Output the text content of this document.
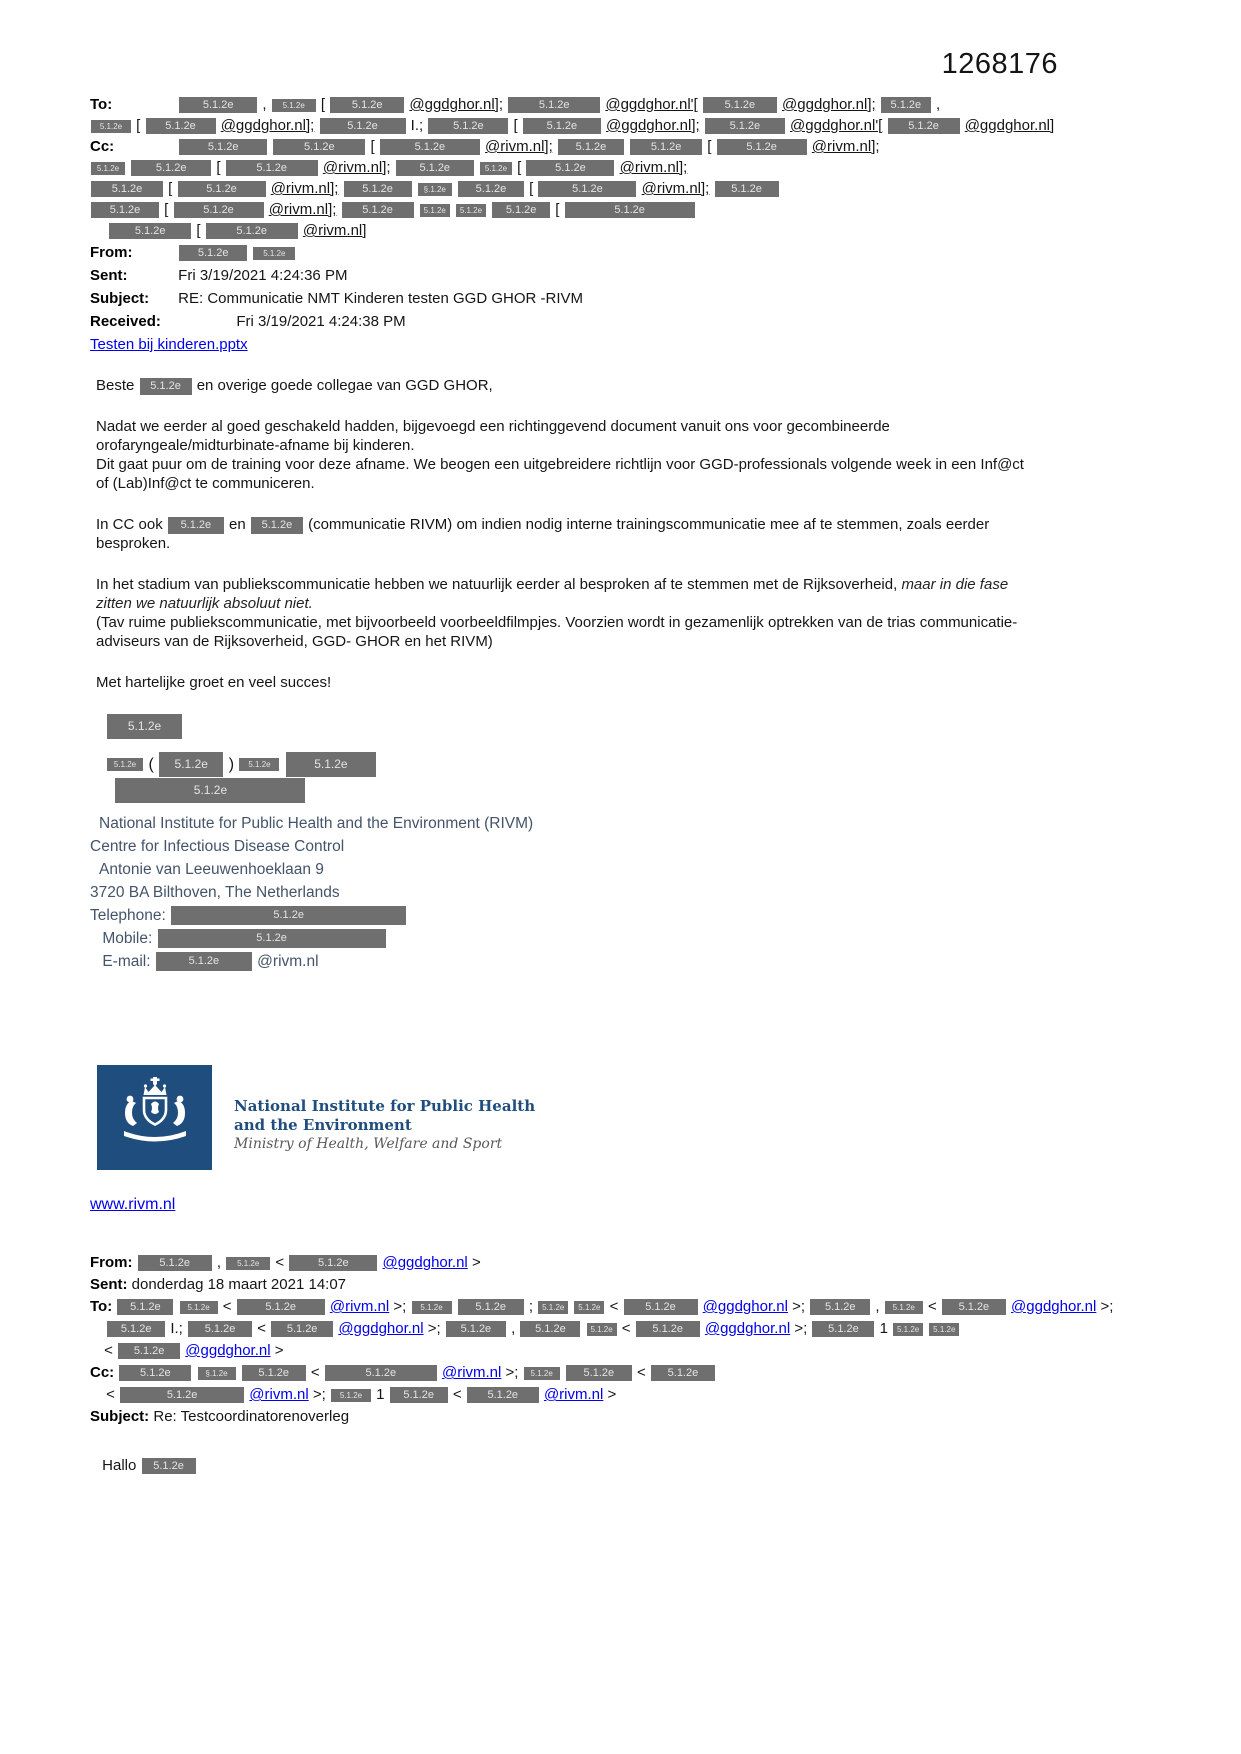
1268176
To:	5.1.2e , 5.1.2e [ 5.1.2e @ggdghor.nl];	5.1.2e @ggdghor.nl'[ 5.1.2e @ggdghor.nl]; 5.1.2e ,
5.1.2e [ 5.1.2e @ggdghor.nl];	5.1.2e I.;	5.1.2e [	5.1.2e @ggdghor.nl];	5.1.2e @ggdghor.nl'[ 5.1.2e @ggdghor.nl]
Cc:	5.1.2e	5.1.2e [	5.1.2e	@rivm.nl]; 5.1.2e	5.1.2e [	5.1.2e @rivm.nl];
5.1.2e	5.1.2e [	5.1.2e @rivm.nl];	5.1.2e	5.1.2e [	5.1.2e @rivm.nl];
5.1.2e [	5.1.2e @rivm.nl]; 5.1.2e	§.1.2e	5.1.2e [	5.1.2e	@rivm.nl]; 5.1.2e
5.1.2e [	5.1.2e @rivm.nl]; 5.1.2e	5.1.2e 5.1.2e 5.1.2e [	5.1.2e
5.1.2e [	5.1.2e @rivm.nl]
From:	5.1.2e	5.1.2e
Sent:	Fri 3/19/2021 4:24:36 PM
Subject: RE: Communicatie NMT Kinderen testen GGD GHOR -RIVM
Received:	Fri 3/19/2021 4:24:38 PM
Testen bij kinderen.pptx
Beste 5.1.2e en overige goede collegae van GGD GHOR,
Nadat we eerder al goed geschakeld hadden, bijgevoegd een richtinggevend document vanuit ons voor gecombineerde orofaryngeale/midturbinate-afname bij kinderen.
Dit gaat puur om de training voor deze afname. We beogen een uitgebreidere richtlijn voor GGD-professionals volgende week in een Inf@ct of (Lab)Inf@ct te communiceren.
In CC ook 5.1.2e en 5.1.2e (communicatie RIVM) om indien nodig interne trainingscommunicatie mee af te stemmen, zoals eerder besproken.
In het stadium van publiekscommunicatie hebben we natuurlijk eerder al besproken af te stemmen met de Rijksoverheid, maar in die fase zitten we natuurlijk absoluut niet.
(Tav ruime publiekscommunicatie, met bijvoorbeeld voorbeeldfilmpjes. Voorzien wordt in gezamenlijk optrekken van de trias communicatie-adviseurs van de Rijksoverheid, GGD- GHOR en het RIVM)
Met hartelijke groet en veel succes!
5.1.2e
5.1.2e ( 5.1.2e ) 5.1.2e	5.1.2e
5.1.2e
National Institute for Public Health and the Environment (RIVM)
Centre for Infectious Disease Control
Antonie van Leeuwenhoeklaan 9
3720 BA Bilthoven, The Netherlands
Telephone:	5.1.2e
Mobile:	5.1.2e
E-mail:	5.1.2e @rivm.nl
National Institute for Public Health
and the Environment
Ministry of Health, Welfare and Sport
www.rivm.nl
From: 5.1.2e , 5.1.2e <	5.1.2e @ggdghor.nl >
Sent: donderdag 18 maart 2021 14:07
To: 5.1.2e	5.1.2e <	5.1.2e @rivm.nl >; 5.1.2e	5.1.2e ; 5.1.2e 5.1.2e < 5.1.2e @ggdghor.nl >; 5.1.2e , 5.1.2e < 5.1.2e @ggdghor.nl >;
5.1.2e I.; 5.1.2e < 5.1.2e @ggdghor.nl >; 5.1.2e , 5.1.2e	5.1.2e < 5.1.2e @ggdghor.nl >; 5.1.2e 1 5.1.2e 5.1.2e
< 5.1.2e @ggdghor.nl >
Cc: 5.1.2e	§.1.2e	5.1.2e <	5.1.2e	@rivm.nl >; 5.1.2e	5.1.2e < 5.1.2e
<	5.1.2e	@rivm.nl >; 5.1.2e 1 5.1.2e < 5.1.2e @rivm.nl >
Subject: Re: Testcoordinatorenoverleg
Hallo 5.1.2e
